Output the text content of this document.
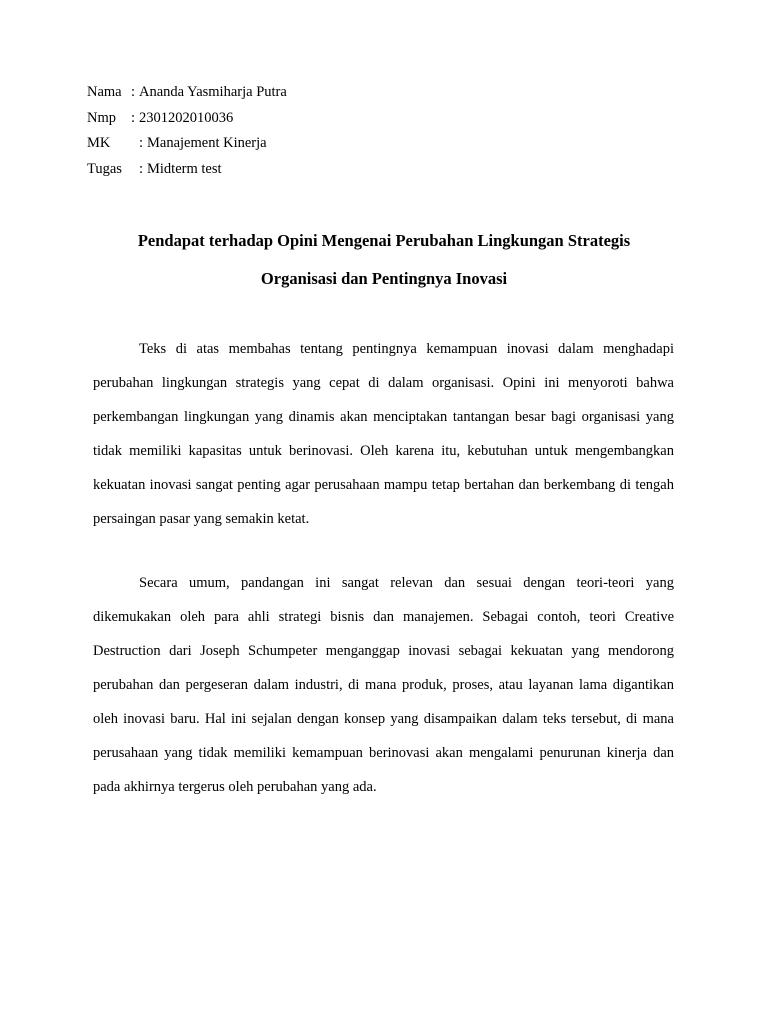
Nama : Ananda Yasmiharja Putra
Nmp	: 2301202010036
MK	: Manajement Kinerja
Tugas	: Midterm test
Pendapat terhadap Opini Mengenai Perubahan Lingkungan Strategis
Organisasi dan Pentingnya Inovasi

Teks di atas membahas tentang pentingnya kemampuan inovasi dalam menghadapi perubahan lingkungan strategis yang cepat di dalam organisasi. Opini ini menyoroti bahwa perkembangan lingkungan yang dinamis akan menciptakan tantangan besar bagi organisasi yang tidak memiliki kapasitas untuk berinovasi. Oleh karena itu, kebutuhan untuk mengembangkan kekuatan inovasi sangat penting agar perusahaan mampu tetap bertahan dan berkembang di tengah persaingan pasar yang semakin ketat.

Secara umum, pandangan ini sangat relevan dan sesuai dengan teori-teori yang dikemukakan oleh para ahli strategi bisnis dan manajemen. Sebagai contoh, teori Creative Destruction dari Joseph Schumpeter menganggap inovasi sebagai kekuatan yang mendorong perubahan dan pergeseran dalam industri, di mana produk, proses, atau layanan lama digantikan oleh inovasi baru. Hal ini sejalan dengan konsep yang disampaikan dalam teks tersebut, di mana perusahaan yang tidak memiliki kemampuan berinovasi akan mengalami penurunan kinerja dan pada akhirnya tergerus oleh perubahan yang ada.
